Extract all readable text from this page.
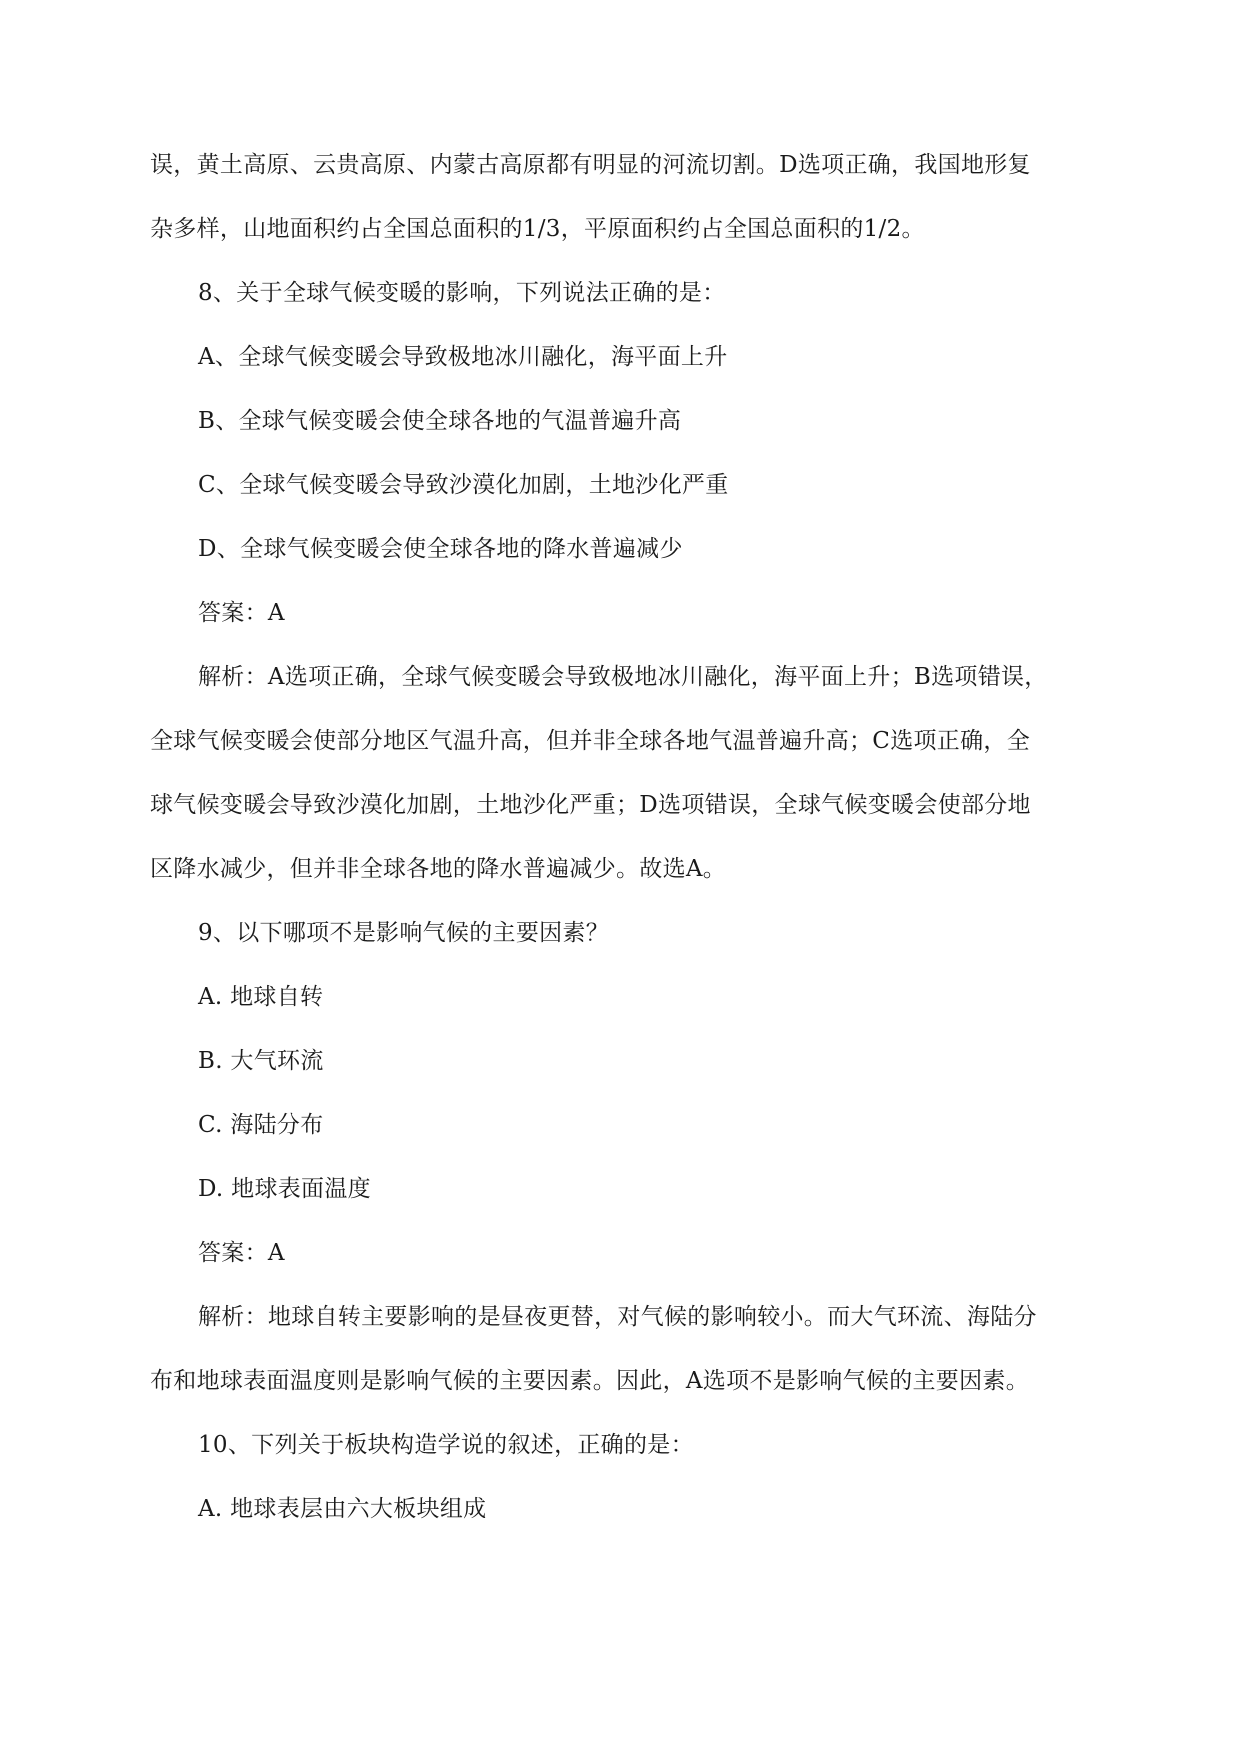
误，黄土高原、云贵高原、内蒙古高原都有明显的河流切割。D选项正确，我国地形复
杂多样，山地面积约占全国总面积的1/3，平原面积约占全国总面积的1/2。
8、关于全球气候变暖的影响，下列说法正确的是：
A、全球气候变暖会导致极地冰川融化，海平面上升
B、全球气候变暖会使全球各地的气温普遍升高
C、全球气候变暖会导致沙漠化加剧，土地沙化严重
D、全球气候变暖会使全球各地的降水普遍减少
答案：A
解析：A选项正确，全球气候变暖会导致极地冰川融化，海平面上升；B选项错误，
全球气候变暖会使部分地区气温升高，但并非全球各地气温普遍升高；C选项正确，全
球气候变暖会导致沙漠化加剧，土地沙化严重；D选项错误，全球气候变暖会使部分地
区降水减少，但并非全球各地的降水普遍减少。故选A。
9、以下哪项不是影响气候的主要因素？
A. 地球自转
B. 大气环流
C. 海陆分布
D. 地球表面温度
答案：A
解析：地球自转主要影响的是昼夜更替，对气候的影响较小。而大气环流、海陆分
布和地球表面温度则是影响气候的主要因素。因此，A选项不是影响气候的主要因素。
10、下列关于板块构造学说的叙述，正确的是：
A. 地球表层由六大板块组成
